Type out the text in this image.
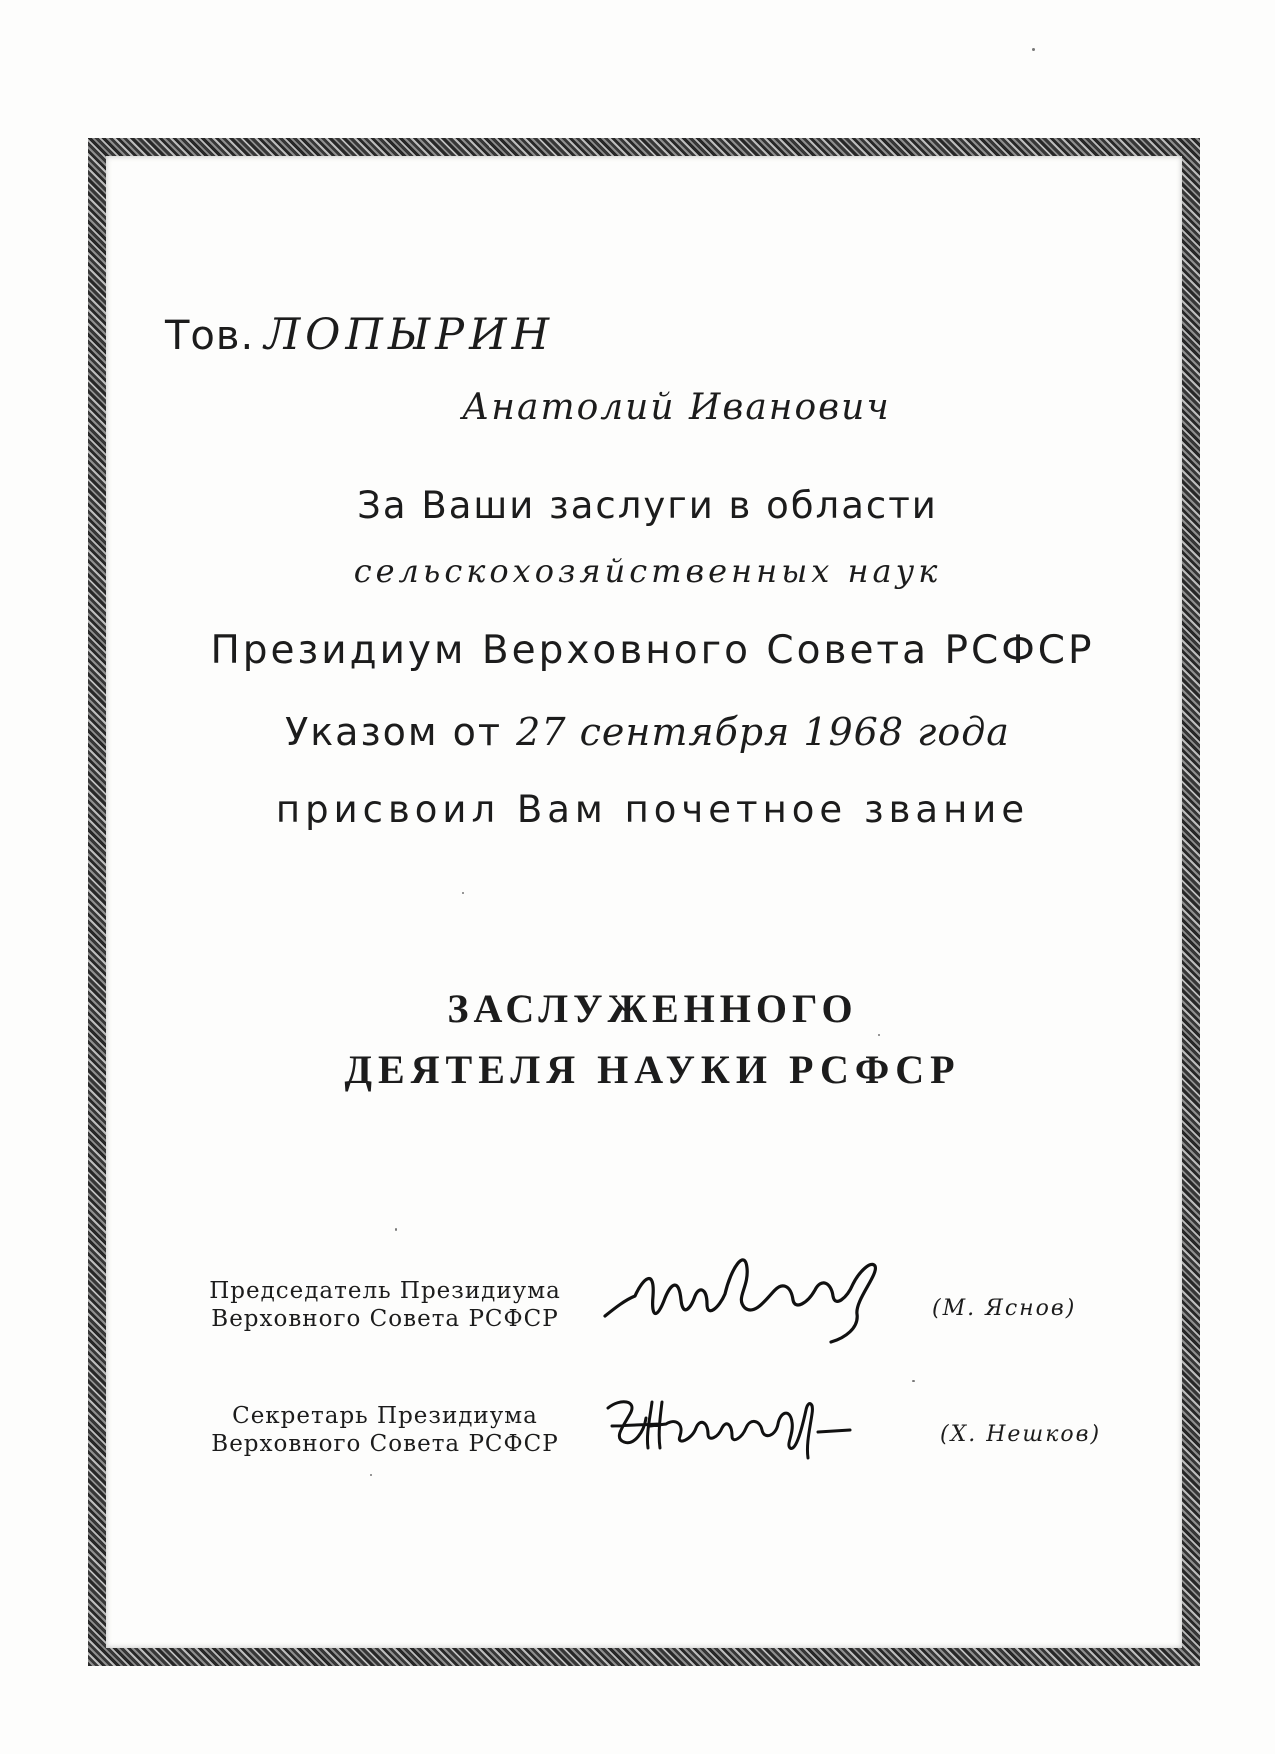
Тов. ЛОПЫРИН
Анатолий Иванович
За Ваши заслуги в области
сельскохозяйственных наук
Президиум Верховного Совета РСФСР
Указом от 27 сентября 1968 года
присвоил Вам почетное звание
ЗАСЛУЖЕННОГО
ДЕЯТЕЛЯ НАУКИ РСФСР
Председатель Президиума
Верховного Совета РСФСР	(М. Яснов)
Секретарь Президиума
Верховного Совета РСФСР	(Х. Нешков)
